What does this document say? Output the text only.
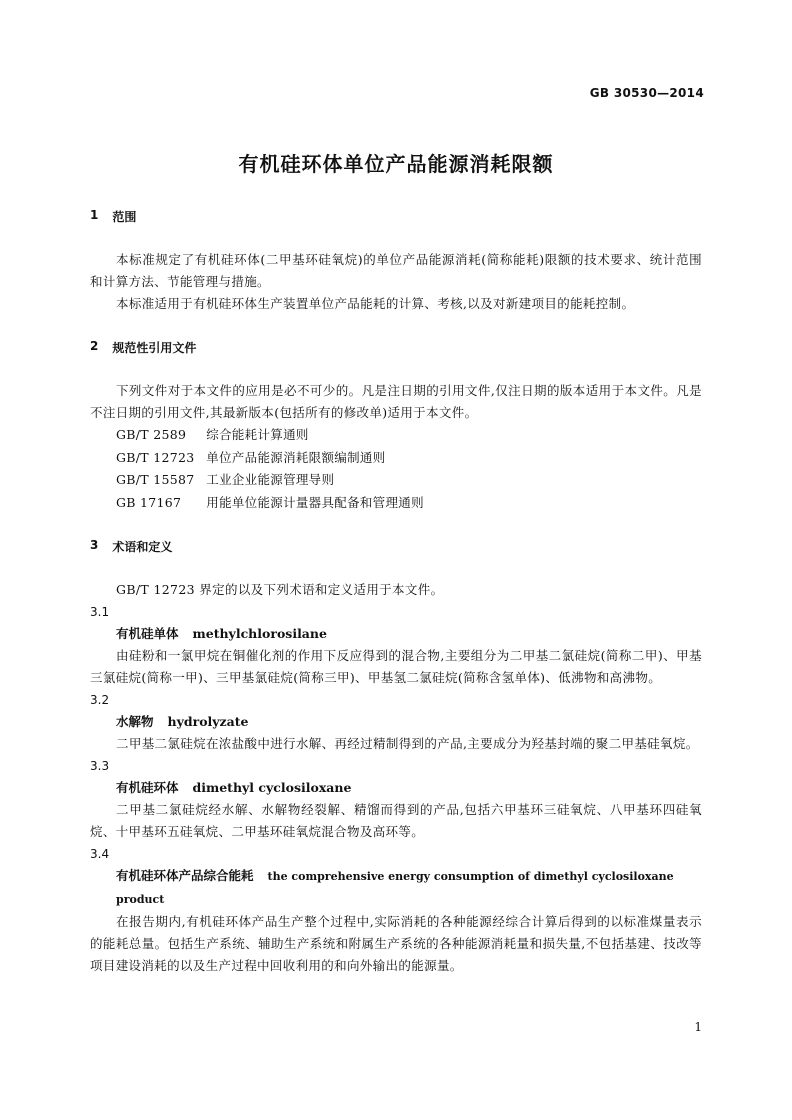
GB 30530—2014
有机硅环体单位产品能源消耗限额
1 范围

本标准规定了有机硅环体(二甲基环硅氧烷)的单位产品能源消耗(简称能耗)限额的技术要求、统计范围和计算方法、节能管理与措施。

本标准适用于有机硅环体生产装置单位产品能耗的计算、考核,以及对新建项目的能耗控制。

2 规范性引用文件

下列文件对于本文件的应用是必不可少的。凡是注日期的引用文件,仅注日期的版本适用于本文件。凡是不注日期的引用文件,其最新版本(包括所有的修改单)适用于本文件。

GB/T 2589 综合能耗计算通则

GB/T 12723 单位产品能源消耗限额编制通则

GB/T 15587 工业企业能源管理导则

GB 17167 用能单位能源计量器具配备和管理通则

3 术语和定义

GB/T 12723 界定的以及下列术语和定义适用于本文件。

3.1

有机硅单体 methylchlorosilane

由硅粉和一氯甲烷在铜催化剂的作用下反应得到的混合物,主要组分为二甲基二氯硅烷(简称二甲)、甲基三氯硅烷(简称一甲)、三甲基氯硅烷(简称三甲)、甲基氢二氯硅烷(简称含氢单体)、低沸物和高沸物。

3.2

水解物 hydrolyzate

二甲基二氯硅烷在浓盐酸中进行水解、再经过精制得到的产品,主要成分为羟基封端的聚二甲基硅氧烷。

3.3

有机硅环体 dimethyl cyclosiloxane

二甲基二氯硅烷经水解、水解物经裂解、精馏而得到的产品,包括六甲基环三硅氧烷、八甲基环四硅氧烷、十甲基环五硅氧烷、二甲基环硅氧烷混合物及高环等。

3.4

有机硅环体产品综合能耗 the comprehensive energy consumption of dimethyl cyclosiloxane product

在报告期内,有机硅环体产品生产整个过程中,实际消耗的各种能源经综合计算后得到的以标准煤量表示的能耗总量。包括生产系统、辅助生产系统和附属生产系统的各种能源消耗量和损失量,不包括基建、技改等项目建设消耗的以及生产过程中回收利用的和向外输出的能源量。

1
